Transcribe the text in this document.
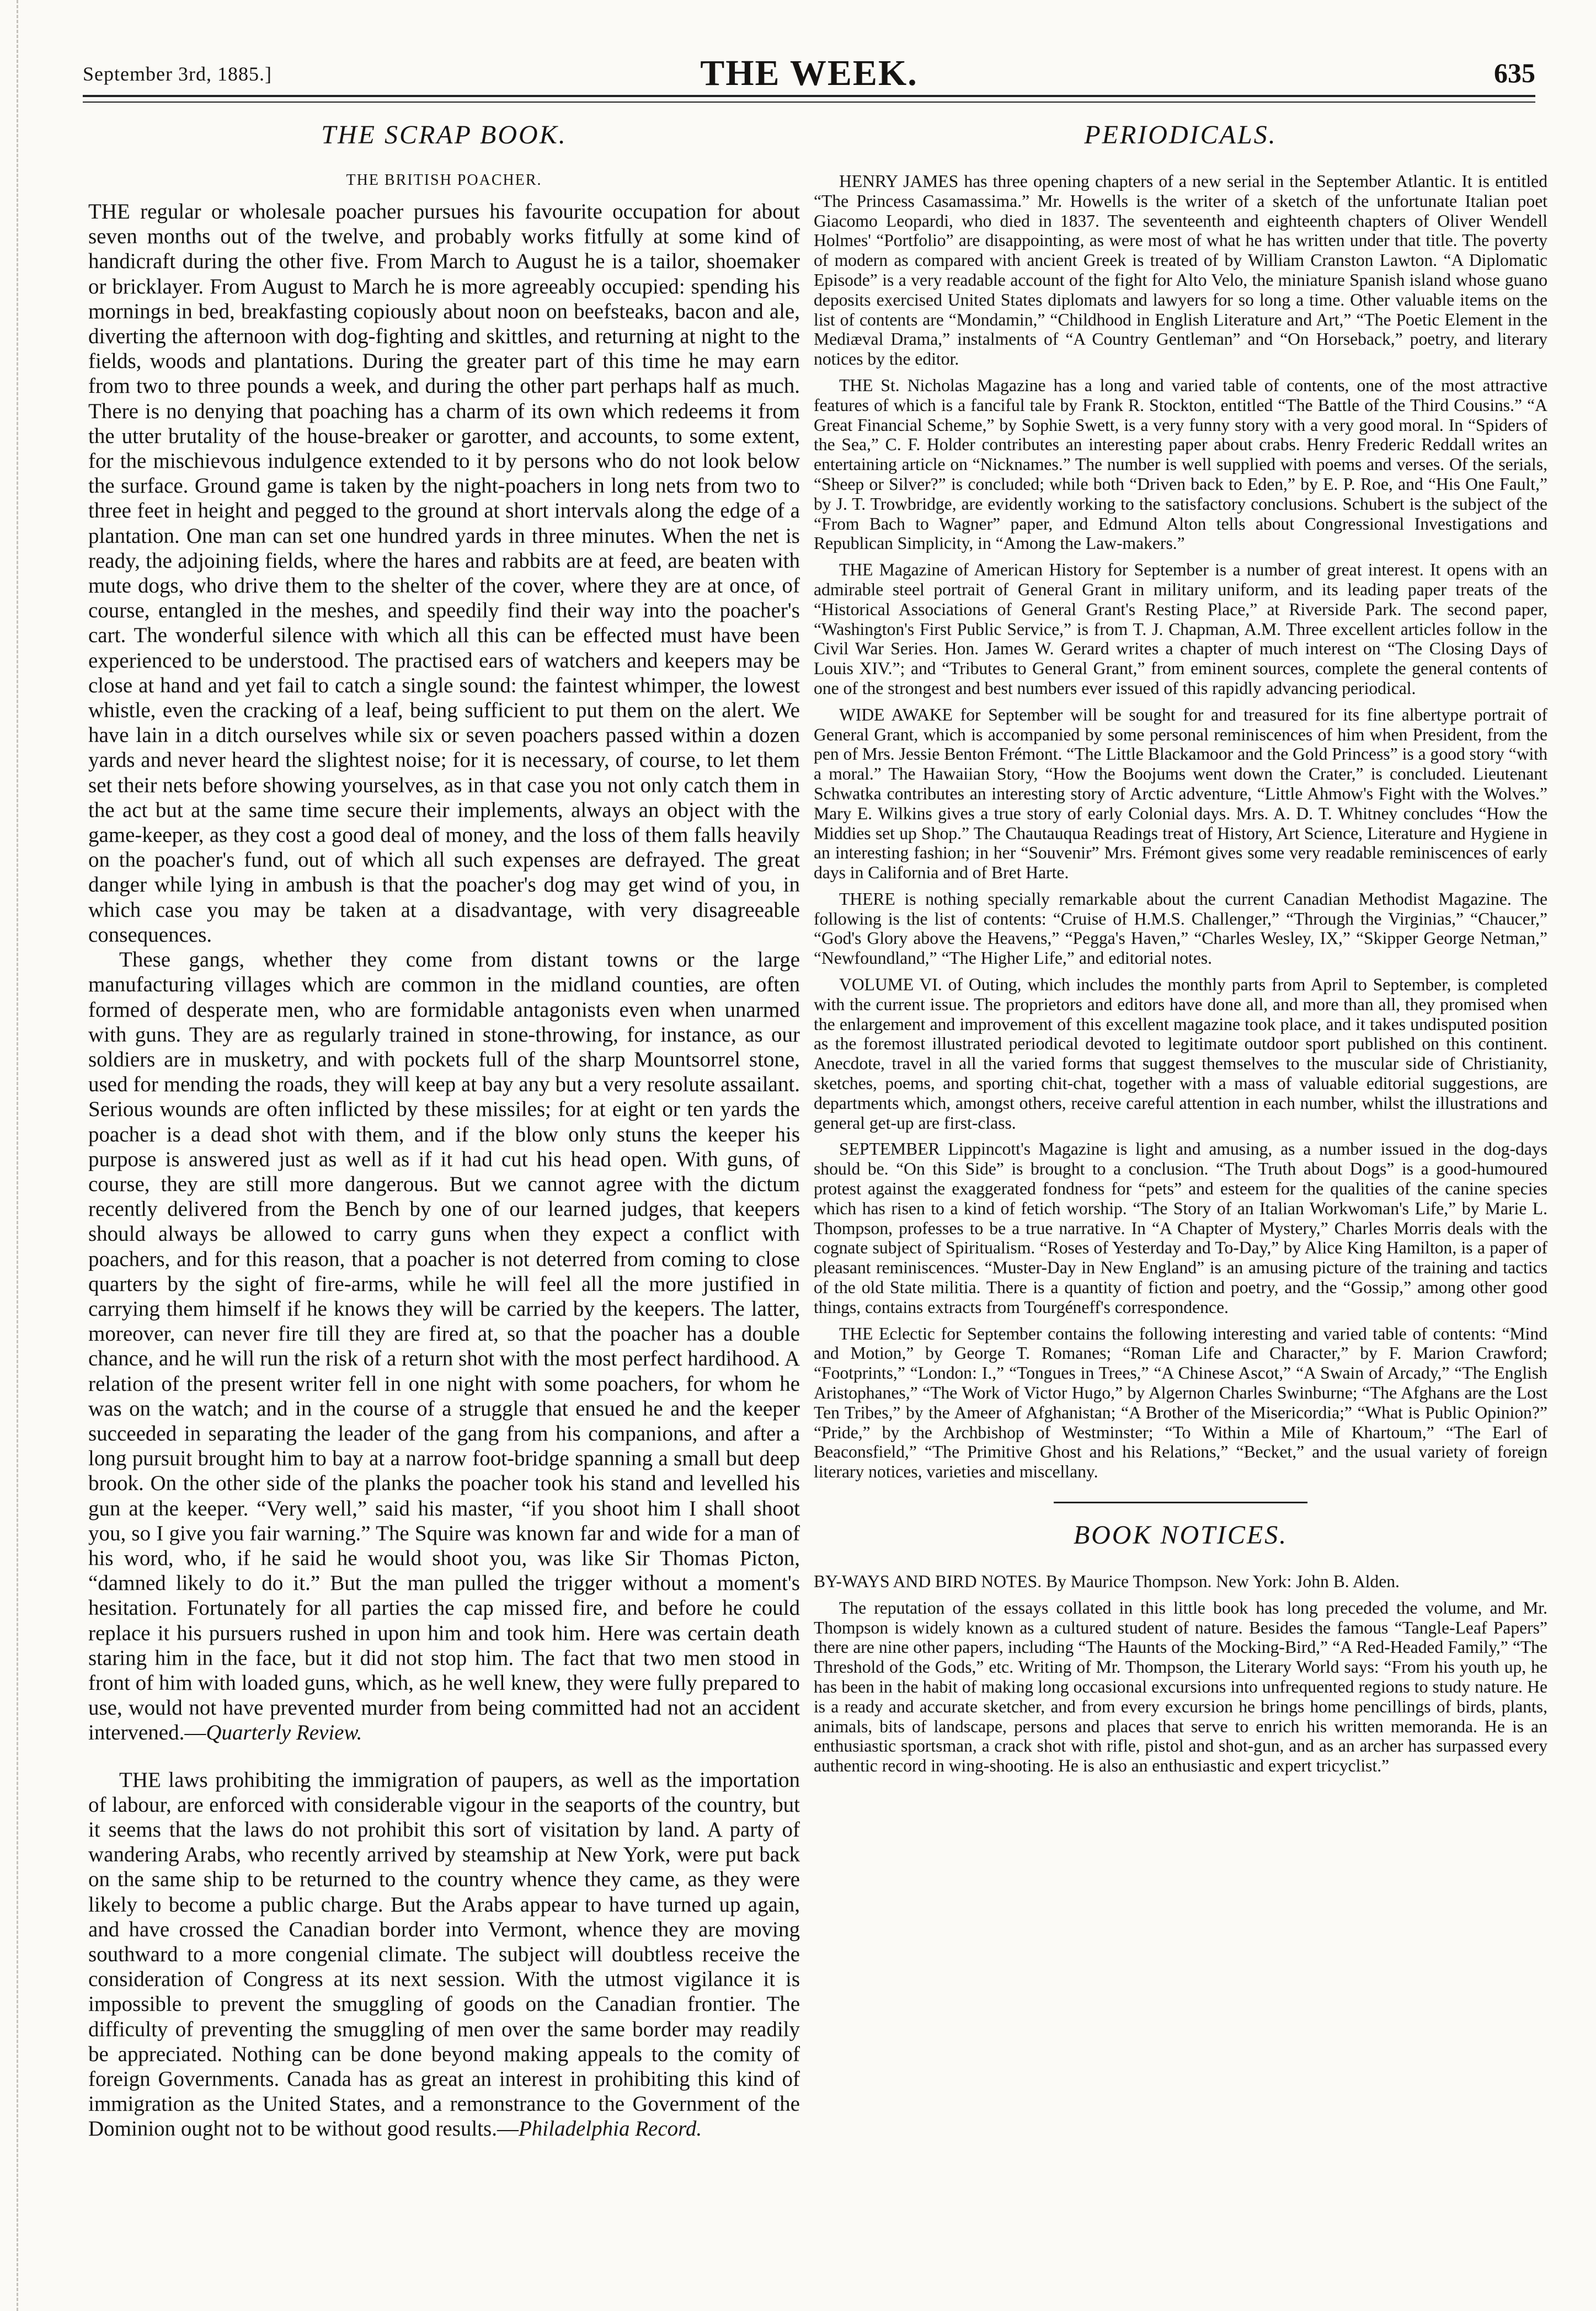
September 3rd, 1885.]	THE WEEK.	635
THE SCRAP BOOK.
THE BRITISH POACHER.

THE regular or wholesale poacher pursues his favourite occupation for about seven months out of the twelve, and probably works fitfully at some kind of handicraft during the other five. From March to August he is a tailor, shoemaker or bricklayer. From August to March he is more agreeably occupied: spending his mornings in bed, breakfasting copiously about noon on beefsteaks, bacon and ale, diverting the afternoon with dog-fighting and skittles, and returning at night to the fields, woods and plantations. During the greater part of this time he may earn from two to three pounds a week, and during the other part perhaps half as much. There is no denying that poaching has a charm of its own which redeems it from the utter brutality of the house-breaker or garotter, and accounts, to some extent, for the mischievous indulgence extended to it by persons who do not look below the surface. Ground game is taken by the night-poachers in long nets from two to three feet in height and pegged to the ground at short intervals along the edge of a plantation. One man can set one hundred yards in three minutes. When the net is ready, the adjoining fields, where the hares and rabbits are at feed, are beaten with mute dogs, who drive them to the shelter of the cover, where they are at once, of course, entangled in the meshes, and speedily find their way into the poacher's cart. The wonderful silence with which all this can be effected must have been experienced to be understood. The practised ears of watchers and keepers may be close at hand and yet fail to catch a single sound: the faintest whimper, the lowest whistle, even the cracking of a leaf, being sufficient to put them on the alert. We have lain in a ditch ourselves while six or seven poachers passed within a dozen yards and never heard the slightest noise; for it is necessary, of course, to let them set their nets before showing yourselves, as in that case you not only catch them in the act but at the same time secure their implements, always an object with the game-keeper, as they cost a good deal of money, and the loss of them falls heavily on the poacher's fund, out of which all such expenses are defrayed. The great danger while lying in ambush is that the poacher's dog may get wind of you, in which case you may be taken at a disadvantage, with very disagreeable consequences.

These gangs, whether they come from distant towns or the large manufacturing villages which are common in the midland counties, are often formed of desperate men, who are formidable antagonists even when unarmed with guns. They are as regularly trained in stone-throwing, for instance, as our soldiers are in musketry, and with pockets full of the sharp Mountsorrel stone, used for mending the roads, they will keep at bay any but a very resolute assailant. Serious wounds are often inflicted by these missiles; for at eight or ten yards the poacher is a dead shot with them, and if the blow only stuns the keeper his purpose is answered just as well as if it had cut his head open. With guns, of course, they are still more dangerous. But we cannot agree with the dictum recently delivered from the Bench by one of our learned judges, that keepers should always be allowed to carry guns when they expect a conflict with poachers, and for this reason, that a poacher is not deterred from coming to close quarters by the sight of fire-arms, while he will feel all the more justified in carrying them himself if he knows they will be carried by the keepers. The latter, moreover, can never fire till they are fired at, so that the poacher has a double chance, and he will run the risk of a return shot with the most perfect hardihood. A relation of the present writer fell in one night with some poachers, for whom he was on the watch; and in the course of a struggle that ensued he and the keeper succeeded in separating the leader of the gang from his companions, and after a long pursuit brought him to bay at a narrow foot-bridge spanning a small but deep brook. On the other side of the planks the poacher took his stand and levelled his gun at the keeper. “Very well,” said his master, “if you shoot him I shall shoot you, so I give you fair warning.” The Squire was known far and wide for a man of his word, who, if he said he would shoot you, was like Sir Thomas Picton, “damned likely to do it.” But the man pulled the trigger without a moment's hesitation. Fortunately for all parties the cap missed fire, and before he could replace it his pursuers rushed in upon him and took him. Here was certain death staring him in the face, but it did not stop him. The fact that two men stood in front of him with loaded guns, which, as he well knew, they were fully prepared to use, would not have prevented murder from being committed had not an accident intervened.—Quarterly Review.

THE laws prohibiting the immigration of paupers, as well as the importation of labour, are enforced with considerable vigour in the seaports of the country, but it seems that the laws do not prohibit this sort of visitation by land. A party of wandering Arabs, who recently arrived by steamship at New York, were put back on the same ship to be returned to the country whence they came, as they were likely to become a public charge. But the Arabs appear to have turned up again, and have crossed the Canadian border into Vermont, whence they are moving southward to a more congenial climate. The subject will doubtless receive the consideration of Congress at its next session. With the utmost vigilance it is impossible to prevent the smuggling of goods on the Canadian frontier. The difficulty of preventing the smuggling of men over the same border may readily be appreciated. Nothing can be done beyond making appeals to the comity of foreign Governments. Canada has as great an interest in prohibiting this kind of immigration as the United States, and a remonstrance to the Government of the Dominion ought not to be without good results.—Philadelphia Record.

PERIODICALS.

HENRY JAMES has three opening chapters of a new serial in the September Atlantic. It is entitled “The Princess Casamassima.” Mr. Howells is the writer of a sketch of the unfortunate Italian poet Giacomo Leopardi, who died in 1837. The seventeenth and eighteenth chapters of Oliver Wendell Holmes' “Portfolio” are disappointing, as were most of what he has written under that title. The poverty of modern as compared with ancient Greek is treated of by William Cranston Lawton. “A Diplomatic Episode” is a very readable account of the fight for Alto Velo, the miniature Spanish island whose guano deposits exercised United States diplomats and lawyers for so long a time. Other valuable items on the list of contents are “Mondamin,” “Childhood in English Literature and Art,” “The Poetic Element in the Mediæval Drama,” instalments of “A Country Gentleman” and “On Horseback,” poetry, and literary notices by the editor.

THE St. Nicholas Magazine has a long and varied table of contents, one of the most attractive features of which is a fanciful tale by Frank R. Stockton, entitled “The Battle of the Third Cousins.” “A Great Financial Scheme,” by Sophie Swett, is a very funny story with a very good moral. In “Spiders of the Sea,” C. F. Holder contributes an interesting paper about crabs. Henry Frederic Reddall writes an entertaining article on “Nicknames.” The number is well supplied with poems and verses. Of the serials, “Sheep or Silver?” is concluded; while both “Driven back to Eden,” by E. P. Roe, and “His One Fault,” by J. T. Trowbridge, are evidently working to the satisfactory conclusions. Schubert is the subject of the “From Bach to Wagner” paper, and Edmund Alton tells about Congressional Investigations and Republican Simplicity, in “Among the Law-makers.”

THE Magazine of American History for September is a number of great interest. It opens with an admirable steel portrait of General Grant in military uniform, and its leading paper treats of the “Historical Associations of General Grant's Resting Place,” at Riverside Park. The second paper, “Washington's First Public Service,” is from T. J. Chapman, A.M. Three excellent articles follow in the Civil War Series. Hon. James W. Gerard writes a chapter of much interest on “The Closing Days of Louis XIV.”; and “Tributes to General Grant,” from eminent sources, complete the general contents of one of the strongest and best numbers ever issued of this rapidly advancing periodical.

WIDE AWAKE for September will be sought for and treasured for its fine albertype portrait of General Grant, which is accompanied by some personal reminiscences of him when President, from the pen of Mrs. Jessie Benton Frémont. “The Little Blackamoor and the Gold Princess” is a good story “with a moral.” The Hawaiian Story, “How the Boojums went down the Crater,” is concluded. Lieutenant Schwatka contributes an interesting story of Arctic adventure, “Little Ahmow's Fight with the Wolves.” Mary E. Wilkins gives a true story of early Colonial days. Mrs. A. D. T. Whitney concludes “How the Middies set up Shop.” The Chautauqua Readings treat of History, Art Science, Literature and Hygiene in an interesting fashion; in her “Souvenir” Mrs. Frémont gives some very readable reminiscences of early days in California and of Bret Harte.

THERE is nothing specially remarkable about the current Canadian Methodist Magazine. The following is the list of contents: “Cruise of H.M.S. Challenger,” “Through the Virginias,” “Chaucer,” “God's Glory above the Heavens,” “Pegga's Haven,” “Charles Wesley, IX,” “Skipper George Netman,” “Newfoundland,” “The Higher Life,” and editorial notes.

VOLUME VI. of Outing, which includes the monthly parts from April to September, is completed with the current issue. The proprietors and editors have done all, and more than all, they promised when the enlargement and improvement of this excellent magazine took place, and it takes undisputed position as the foremost illustrated periodical devoted to legitimate outdoor sport published on this continent. Anecdote, travel in all the varied forms that suggest themselves to the muscular side of Christianity, sketches, poems, and sporting chit-chat, together with a mass of valuable editorial suggestions, are departments which, amongst others, receive careful attention in each number, whilst the illustrations and general get-up are first-class.

SEPTEMBER Lippincott's Magazine is light and amusing, as a number issued in the dog-days should be. “On this Side” is brought to a conclusion. “The Truth about Dogs” is a good-humoured protest against the exaggerated fondness for “pets” and esteem for the qualities of the canine species which has risen to a kind of fetich worship. “The Story of an Italian Workwoman's Life,” by Marie L. Thompson, professes to be a true narrative. In “A Chapter of Mystery,” Charles Morris deals with the cognate subject of Spiritualism. “Roses of Yesterday and To-Day,” by Alice King Hamilton, is a paper of pleasant reminiscences. “Muster-Day in New England” is an amusing picture of the training and tactics of the old State militia. There is a quantity of fiction and poetry, and the “Gossip,” among other good things, contains extracts from Tourgéneff's correspondence.

THE Eclectic for September contains the following interesting and varied table of contents: “Mind and Motion,” by George T. Romanes; “Roman Life and Character,” by F. Marion Crawford; “Footprints,” “London: I.,” “Tongues in Trees,” “A Chinese Ascot,” “A Swain of Arcady,” “The English Aristophanes,” “The Work of Victor Hugo,” by Algernon Charles Swinburne; “The Afghans are the Lost Ten Tribes,” by the Ameer of Afghanistan; “A Brother of the Misericordia;” “What is Public Opinion?” “Pride,” by the Archbishop of Westminster; “To Within a Mile of Khartoum,” “The Earl of Beaconsfield,” “The Primitive Ghost and his Relations,” “Becket,” and the usual variety of foreign literary notices, varieties and miscellany.

BOOK NOTICES.

BY-WAYS AND BIRD NOTES. By Maurice Thompson. New York: John B. Alden.

The reputation of the essays collated in this little book has long preceded the volume, and Mr. Thompson is widely known as a cultured student of nature. Besides the famous “Tangle-Leaf Papers” there are nine other papers, including “The Haunts of the Mocking-Bird,” “A Red-Headed Family,” “The Threshold of the Gods,” etc. Writing of Mr. Thompson, the Literary World says: “From his youth up, he has been in the habit of making long occasional excursions into unfrequented regions to study nature. He is a ready and accurate sketcher, and from every excursion he brings home pencillings of birds, plants, animals, bits of landscape, persons and places that serve to enrich his written memoranda. He is an enthusiastic sportsman, a crack shot with rifle, pistol and shot-gun, and as an archer has surpassed every authentic record in wing-shooting. He is also an enthusiastic and expert tricyclist.”
